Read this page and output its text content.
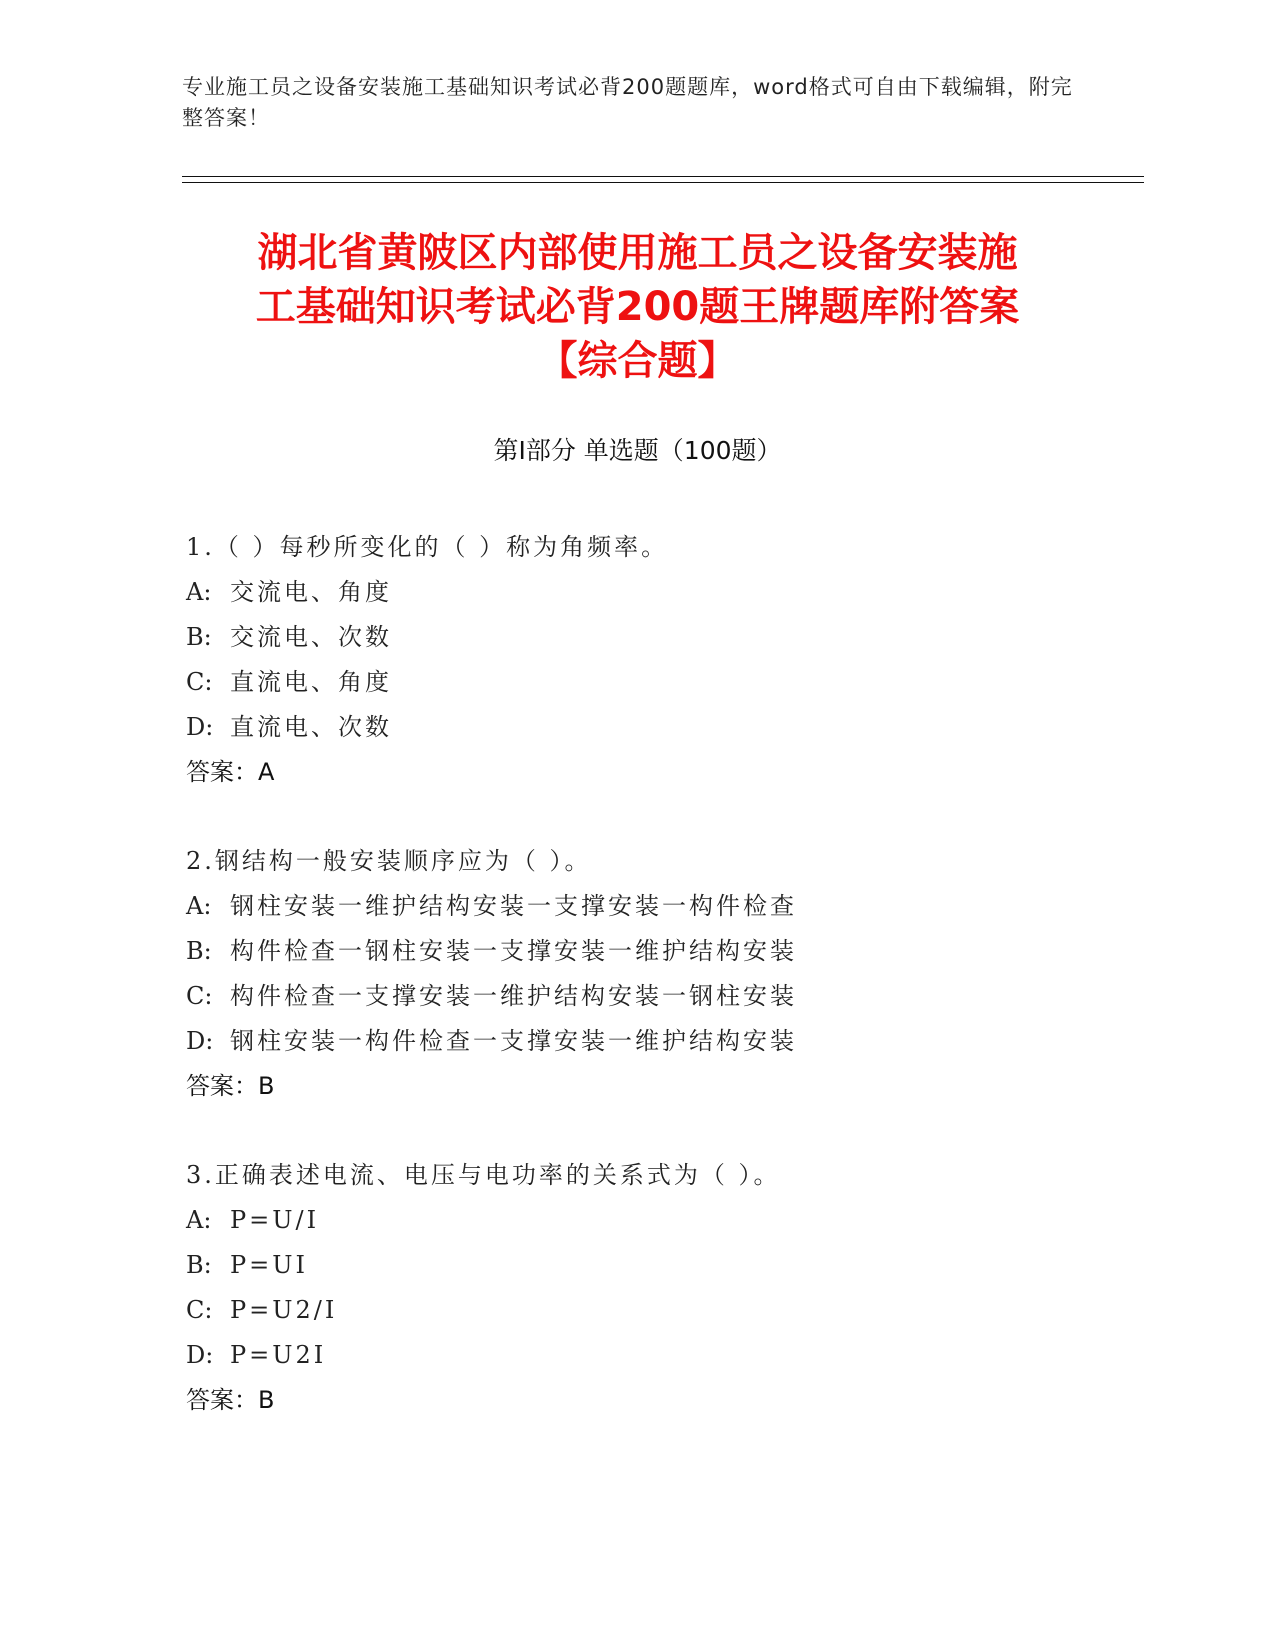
专业施工员之设备安装施工基础知识考试必背200题题库，word格式可自由下载编辑，附完整答案！
湖北省黄陂区内部使用施工员之设备安装施
工基础知识考试必背200题王牌题库附答案
【综合题】
第Ⅰ部分 单选题（100题）
1.（ ）每秒所变化的（ ）称为角频率。
A: 交流电、角度
B: 交流电、次数
C: 直流电、角度
D: 直流电、次数
答案：A
2.钢结构一般安装顺序应为（ ）。
A: 钢柱安装一维护结构安装一支撑安装一构件检查
B: 构件检查一钢柱安装一支撑安装一维护结构安装
C: 构件检查一支撑安装一维护结构安装一钢柱安装
D: 钢柱安装一构件检查一支撑安装一维护结构安装
答案：B
3.正确表述电流、电压与电功率的关系式为（ ）。
A: P=U/I
B: P=UI
C: P=U2/I
D: P=U2I
答案：B
